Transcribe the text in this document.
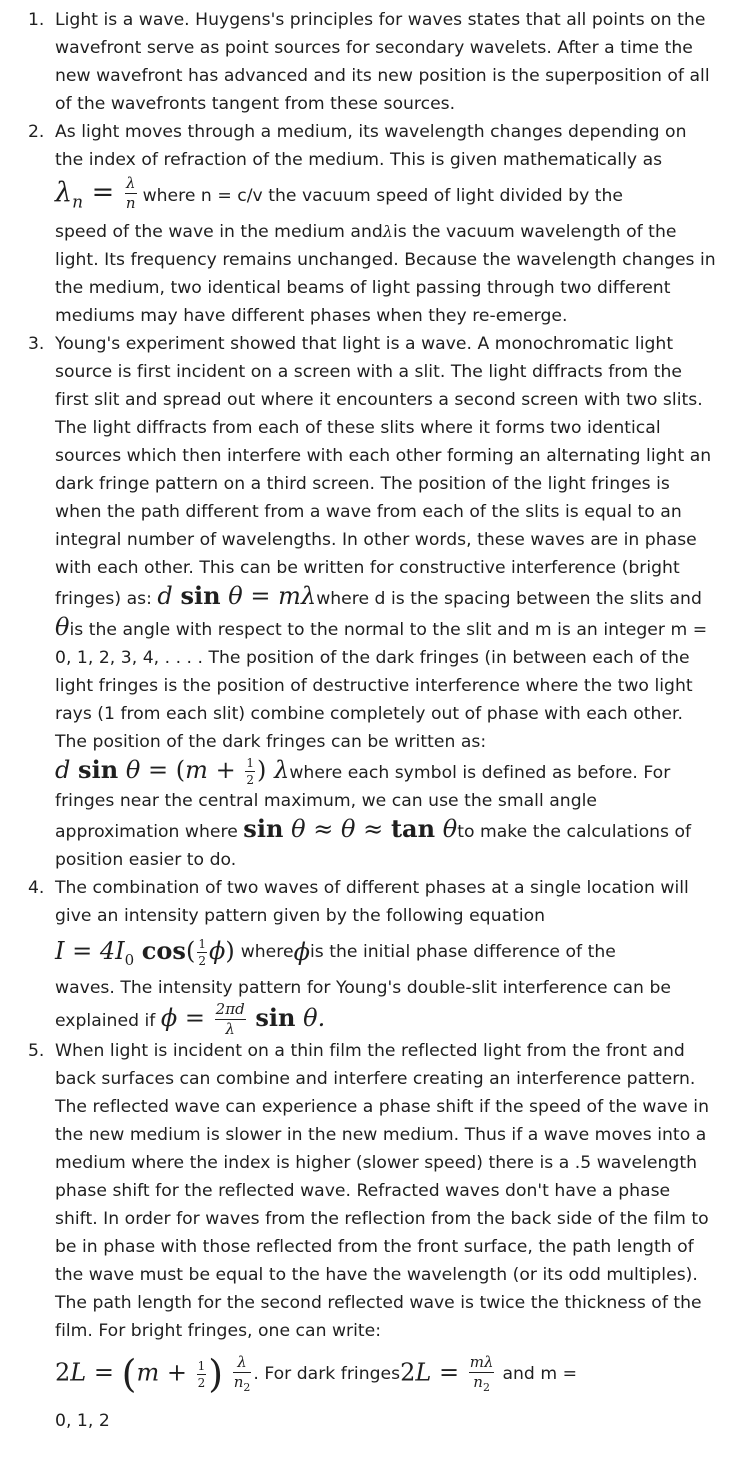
1. Light is a wave. Huygens's principles for waves states that all points on the wavefront serve as point sources for secondary wavelets. After a time the new wavefront has advanced and its new position is the superposition of all of the wavefronts tangent from these sources.

2. As light moves through a medium, its wavelength changes depending on the index of refraction of the medium. This is given mathematically as

$\lambda_n = \frac{\lambda}{n}$ where n = c/v the vacuum speed of light divided by the

speed of the wave in the medium andλis the vacuum wavelength of the light. Its frequency remains unchanged. Because the wavelength changes in the medium, two identical beams of light passing through two different mediums may have different phases when they re-emerge.

3. Young's experiment showed that light is a wave. A monochromatic light source is first incident on a screen with a slit. The light diffracts from the first slit and spread out where it encounters a second screen with two slits. The light diffracts from each of these slits where it forms two identical sources which then interfere with each other forming an alternating light an dark fringe pattern on a third screen. The position of the light fringes is when the path different from a wave from each of the slits is equal to an integral number of wavelengths. In other words, these waves are in phase with each other. This can be written for constructive interference (bright fringes) as: d sin θ = mλwhere d is the spacing between the slits and θis the angle with respect to the normal to the slit and m is an integer m = 0, 1, 2, 3, 4, . . . . The position of the dark fringes (in between each of the light fringes is the position of destructive interference where the two light rays (1 from each slit) combine completely out of phase with each other. The position of the dark fringes can be written as: d $\sin \theta = (m + \frac{1}{2}$ ) λwhere each symbol is defined as before. For fringes near the central maximum, we can use the small angle approximation where sin θ ≈ θ ≈ tan θto make the calculations of position easier to do.

4. The combination of two waves of different phases at a single location will give an intensity pattern given by the following equation

$I = 4I_0$ $\cos( \frac{1}{2} \phi)$ where ϕ is the initial phase difference of the

waves. The intensity pattern for Young's double-slit interference can be explained if $\phi = \frac{2\pi d}{\lambda}$ sin θ.

5. When light is incident on a thin film the reflected light from the front and back surfaces can combine and interfere creating an interference pattern. The reflected wave can experience a phase shift if the speed of the wave in the new medium is slower in the new medium. Thus if a wave moves into a medium where the index is higher (slower speed) there is a .5 wavelength phase shift for the reflected wave. Refracted waves don't have a phase shift. In order for waves from the reflection from the back side of the film to be in phase with those reflected from the front surface, the path length of the wave must be equal to the have the wavelength (or its odd multiples). The path length for the second reflected wave is twice the thickness of the film. For bright fringes, one can write:

$2L = (m + \frac{1}{2}$ ) $\frac{\lambda}{n_2}$ . For dark fringes $2L = \frac{m\lambda}{n_2}$ and m =

0, 1, 2
